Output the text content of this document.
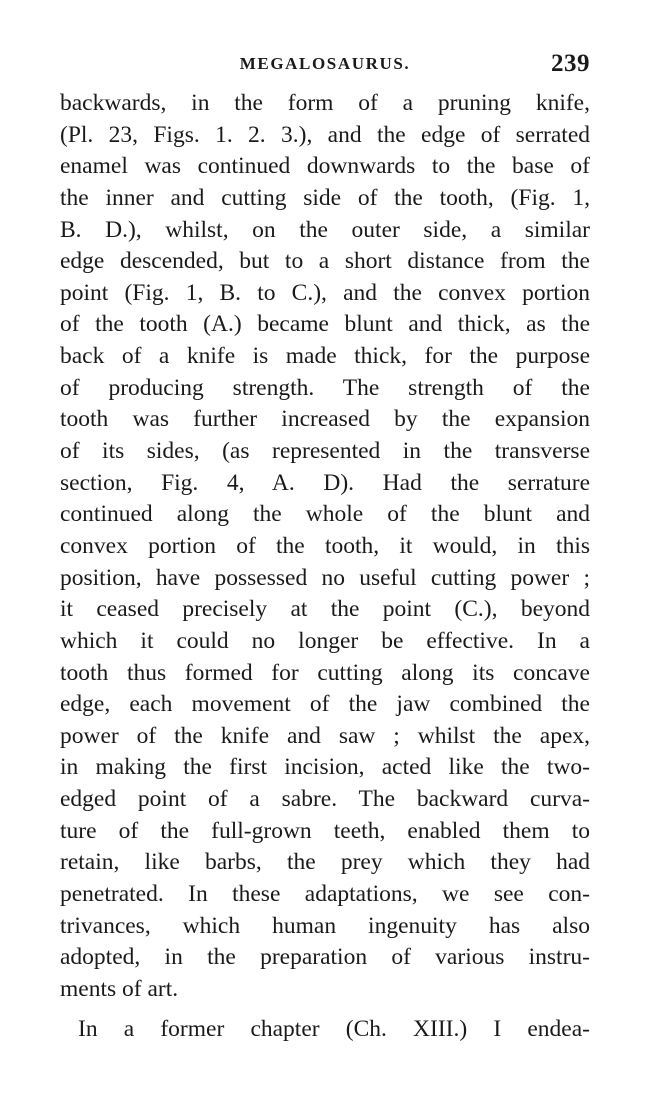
MEGALOSAURUS.	239
backwards, in the form of a pruning knife,
(Pl. 23, Figs. 1. 2. 3.), and the edge of serrated
enamel was continued downwards to the base of
the inner and cutting side of the tooth, (Fig. 1,
B. D.), whilst, on the outer side, a similar
edge descended, but to a short distance from the
point (Fig. 1, B. to C.), and the convex portion
of the tooth (A.) became blunt and thick, as the
back of a knife is made thick, for the purpose
of producing strength. The strength of the
tooth was further increased by the expansion
of its sides, (as represented in the transverse
section, Fig. 4, A. D). Had the serrature
continued along the whole of the blunt and
convex portion of the tooth, it would, in this
position, have possessed no useful cutting power ;
it ceased precisely at the point (C.), beyond
which it could no longer be effective. In a
tooth thus formed for cutting along its concave
edge, each movement of the jaw combined the
power of the knife and saw ; whilst the apex,
in making the first incision, acted like the two-
edged point of a sabre. The backward curva-
ture of the full-grown teeth, enabled them to
retain, like barbs, the prey which they had
penetrated. In these adaptations, we see con-
trivances, which human ingenuity has also
adopted, in the preparation of various instru-
ments of art.
In a former chapter (Ch. XIII.) I endea-
